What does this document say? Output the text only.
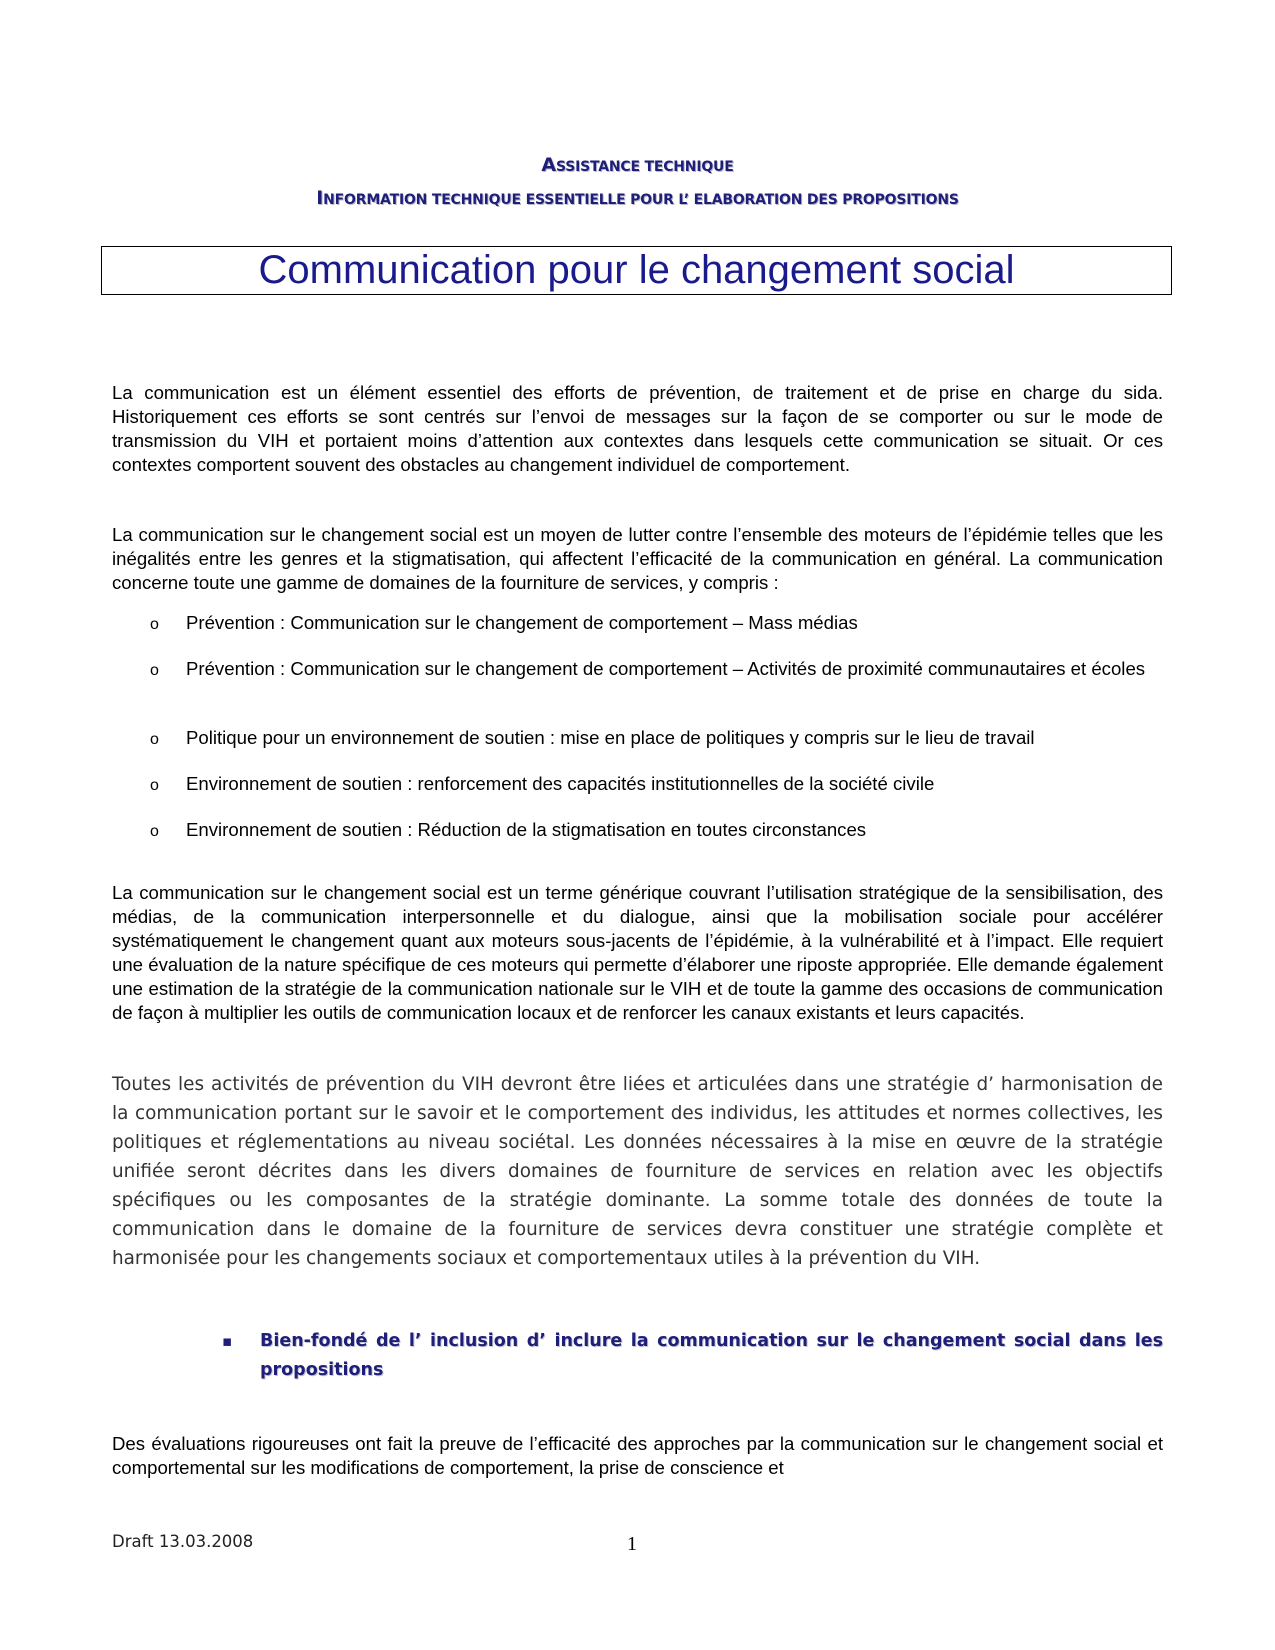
ASSISTANCE TECHNIQUE
INFORMATION TECHNIQUE ESSENTIELLE POUR L’ ELABORATION DES PROPOSITIONS
Communication pour le changement social

La communication est un élément essentiel des efforts de prévention, de traitement et de prise en charge du sida. Historiquement ces efforts se sont centrés sur l’envoi de messages sur la façon de se comporter ou sur le mode de transmission du VIH et portaient moins d’attention aux contextes dans lesquels cette communication se situait. Or ces contextes comportent souvent des obstacles au changement individuel de comportement.

La communication sur le changement social est un moyen de lutter contre l’ensemble des moteurs de l’épidémie telles que les inégalités entre les genres et la stigmatisation, qui affectent l’efficacité de la communication en général. La communication concerne toute une gamme de domaines de la fourniture de services, y compris :

o Prévention : Communication sur le changement de comportement – Mass médias
o Prévention : Communication sur le changement de comportement – Activités de proximité communautaires et écoles
o Politique pour un environnement de soutien : mise en place de politiques y compris sur le lieu de travail
o Environnement de soutien : renforcement des capacités institutionnelles de la société civile
o Environnement de soutien : Réduction de la stigmatisation en toutes circonstances

La communication sur le changement social est un terme générique couvrant l’utilisation stratégique de la sensibilisation, des médias, de la communication interpersonnelle et du dialogue, ainsi que la mobilisation sociale pour accélérer systématiquement le changement quant aux moteurs sous-jacents de l’épidémie, à la vulnérabilité et à l’impact. Elle requiert une évaluation de la nature spécifique de ces moteurs qui permette d’élaborer une riposte appropriée. Elle demande également une estimation de la stratégie de la communication nationale sur le VIH et de toute la gamme des occasions de communication de façon à multiplier les outils de communication locaux et de renforcer les canaux existants et leurs capacités.

Toutes les activités de prévention du VIH devront être liées et articulées dans une stratégie d’ harmonisation de la communication portant sur le savoir et le comportement des individus, les attitudes et normes collectives, les politiques et réglementations au niveau sociétal. Les données nécessaires à la mise en œuvre de la stratégie unifiée seront décrites dans les divers domaines de fourniture de services en relation avec les objectifs spécifiques ou les composantes de la stratégie dominante. La somme totale des données de toute la communication dans le domaine de la fourniture de services devra constituer une stratégie complète et harmonisée pour les changements sociaux et comportementaux utiles à la prévention du VIH.

▪ Bien-fondé de l’ inclusion d’ inclure la communication sur le changement social dans les propositions

Des évaluations rigoureuses ont fait la preuve de l’efficacité des approches par la communication sur le changement social et comportemental sur les modifications de comportement, la prise de conscience et

Draft 13.03.2008	1
